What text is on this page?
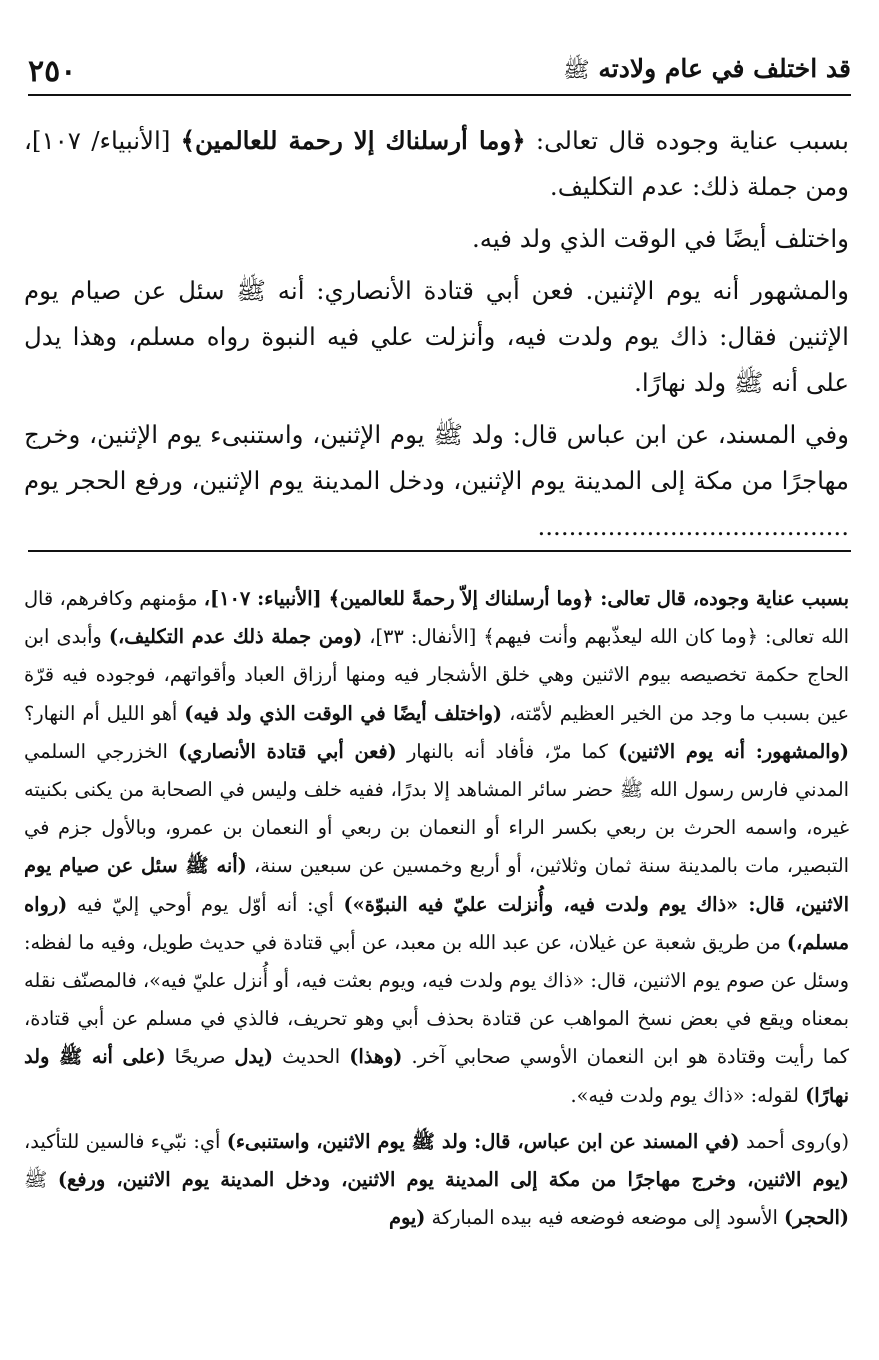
٢٥٠	قد اختلف في عام ولادته ﷺ

بسبب عناية وجوده قال تعالى: ﴿وما أرسلناك إلا رحمة للعالمين﴾ [الأنبياء/ ١٠٧]، ومن جملة ذلك: عدم التكليف.

واختلف أيضًا في الوقت الذي ولد فيه.

والمشهور أنه يوم الإثنين. فعن أبي قتادة الأنصاري: أنه ﷺ سئل عن صيام يوم الإثنين فقال: ذاك يوم ولدت فيه، وأنزلت علي فيه النبوة رواه مسلم، وهذا يدل على أنه ﷺ ولد نهارًا.

وفي المسند، عن ابن عباس قال: ولد ﷺ يوم الإثنين، واستنبىء يوم الإثنين، وخرج مهاجرًا من مكة إلى المدينة يوم الإثنين، ودخل المدينة يوم الإثنين، ورفع الحجر يوم ........................................

بسبب عناية وجوده، قال تعالى: ﴿وما أرسلناك إلاّ رحمةً للعالمين﴾ [الأنبياء: ١٠٧]، مؤمنهم وكافرهم، قال الله تعالى: ﴿وما كان الله ليعذّبهم وأنت فيهم﴾ [الأنفال: ٣٣]، (ومن جملة ذلك عدم التكليف،) وأبدى ابن الحاج حكمة تخصيصه بيوم الاثنين وهي خلق الأشجار فيه ومنها أرزاق العباد وأقواتهم، فوجوده فيه قرّة عين بسبب ما وجد من الخير العظيم لأمّته، (واختلف أيضًا في الوقت الذي ولد فيه) أهو الليل أم النهار؟ (والمشهور: أنه يوم الاثنين) كما مرّ، فأفاد أنه بالنهار (فعن أبي قتادة الأنصاري) الخزرجي السلمي المدني فارس رسول الله ﷺ حضر سائر المشاهد إلا بدرًا، ففيه خلف وليس في الصحابة من يكنى بكنيته غيره، واسمه الحرث بن ربعي بكسر الراء أو النعمان بن ربعي أو النعمان بن عمرو، وبالأول جزم في التبصير، مات بالمدينة سنة ثمان وثلاثين، أو أربع وخمسين عن سبعين سنة، (أنه ﷺ سئل عن صيام يوم الاثنين، قال: «ذاك يوم ولدت فيه، وأُنزلت عليّ فيه النبوّة») أي: أنه أوّل يوم أوحي إليّ فيه (رواه مسلم،) من طريق شعبة عن غيلان، عن عبد الله بن معبد، عن أبي قتادة في حديث طويل، وفيه ما لفظه: وسئل عن صوم يوم الاثنين، قال: «ذاك يوم ولدت فيه، ويوم بعثت فيه، أو أُنزل عليّ فيه»، فالمصنّف نقله بمعناه ويقع في بعض نسخ المواهب عن قتادة بحذف أبي وهو تحريف، فالذي في مسلم عن أبي قتادة، كما رأيت وقتادة هو ابن النعمان الأوسي صحابي آخر. (وهذا) الحديث (يدل صريحًا (على أنه ﷺ ولد نهارًا) لقوله: «ذاك يوم ولدت فيه».

(و)روى أحمد (في المسند عن ابن عباس، قال: ولد ﷺ يوم الاثنين، واستنبىء) أي: نبّيء فالسين للتأكيد، (يوم الاثنين، وخرج مهاجرًا من مكة إلى المدينة يوم الاثنين، ودخل المدينة يوم الاثنين، ورفع) ﷺ (الحجر) الأسود إلى موضعه فوضعه فيه بيده المباركة (يوم
